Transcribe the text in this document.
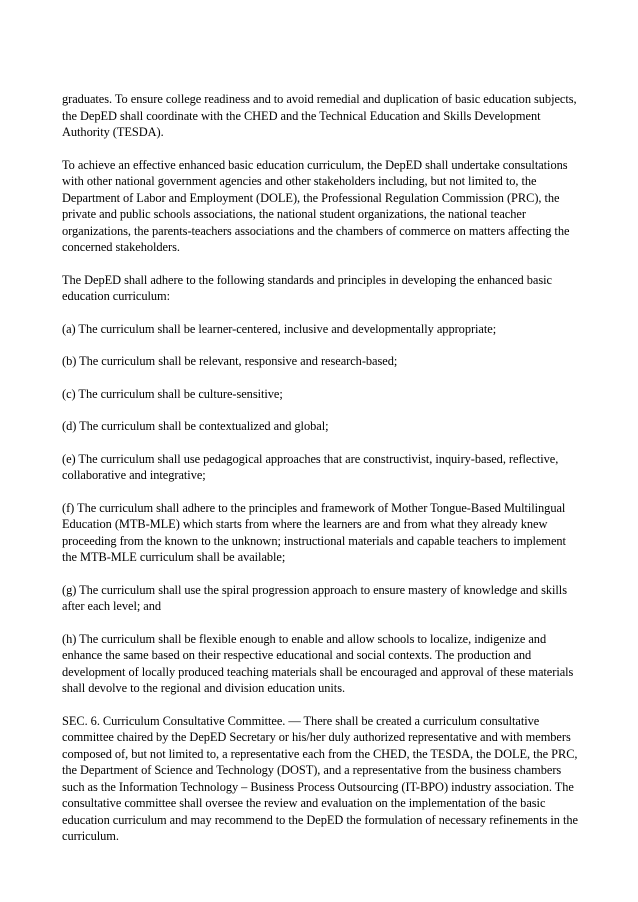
graduates. To ensure college readiness and to avoid remedial and duplication of basic education subjects, the DepED shall coordinate with the CHED and the Technical Education and Skills Development Authority (TESDA).

To achieve an effective enhanced basic education curriculum, the DepED shall undertake consultations with other national government agencies and other stakeholders including, but not limited to, the Department of Labor and Employment (DOLE), the Professional Regulation Commission (PRC), the private and public schools associations, the national student organizations, the national teacher organizations, the parents-teachers associations and the chambers of commerce on matters affecting the concerned stakeholders.

The DepED shall adhere to the following standards and principles in developing the enhanced basic education curriculum:

(a) The curriculum shall be learner-centered, inclusive and developmentally appropriate;

(b) The curriculum shall be relevant, responsive and research-based;

(c) The curriculum shall be culture-sensitive;

(d) The curriculum shall be contextualized and global;

(e) The curriculum shall use pedagogical approaches that are constructivist, inquiry-based, reflective, collaborative and integrative;

(f) The curriculum shall adhere to the principles and framework of Mother Tongue-Based Multilingual Education (MTB-MLE) which starts from where the learners are and from what they already knew proceeding from the known to the unknown; instructional materials and capable teachers to implement the MTB-MLE curriculum shall be available;

(g) The curriculum shall use the spiral progression approach to ensure mastery of knowledge and skills after each level; and

(h) The curriculum shall be flexible enough to enable and allow schools to localize, indigenize and enhance the same based on their respective educational and social contexts. The production and development of locally produced teaching materials shall be encouraged and approval of these materials shall devolve to the regional and division education units.

SEC. 6. Curriculum Consultative Committee. — There shall be created a curriculum consultative committee chaired by the DepED Secretary or his/her duly authorized representative and with members composed of, but not limited to, a representative each from the CHED, the TESDA, the DOLE, the PRC, the Department of Science and Technology (DOST), and a representative from the business chambers such as the Information Technology – Business Process Outsourcing (IT-BPO) industry association. The consultative committee shall oversee the review and evaluation on the implementation of the basic education curriculum and may recommend to the DepED the formulation of necessary refinements in the curriculum.
